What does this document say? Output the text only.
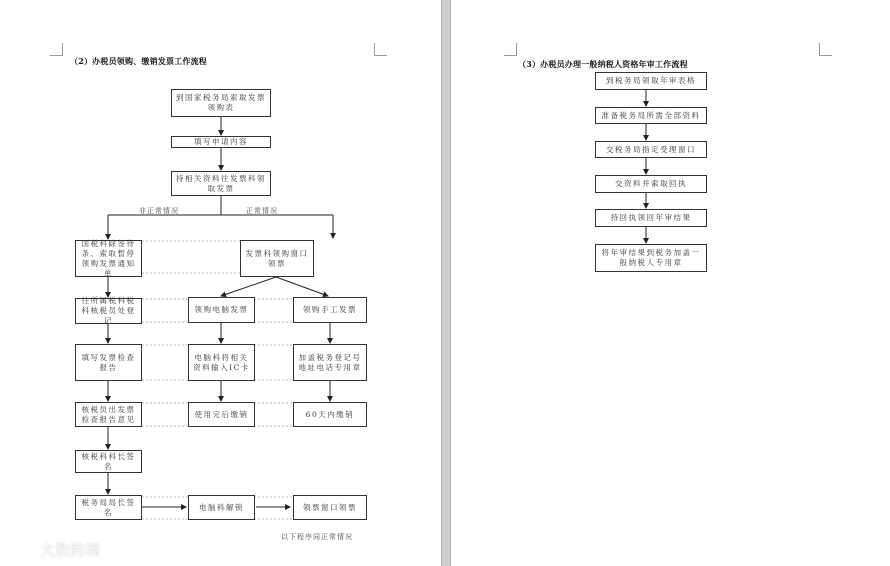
（2）办税员领购、缴销发票工作流程
到国家税务局索取发票领购表
填写申请内容
持相关资料往发票科领取发票
非正常情况	正常情况
国税科除签待条、索取暂停领购发票通知单
发票科领购窗口领票
往所属税科税科核税员处登记
领购电脑发票	领购手工发票
填写发票检查报告
电脑科将相关资料输入IC卡
加盖税务登记号地址电话专用章
核税员出发票检查报告意见
使用完后缴销	60天内缴销
核税科科长签名
税务局局长签名
电脑科解锁	领票窗口领票
以下程序同正常情况
（3）办税员办理一般纳税人资格年审工作流程
到税务局领取年审表格
准备税务局所需全部资料
交税务局指定受理窗口
交资料并索取回执
持回执领回年审结果
将年审结果到税务加盖一般纳税人专用章
大数跨境
